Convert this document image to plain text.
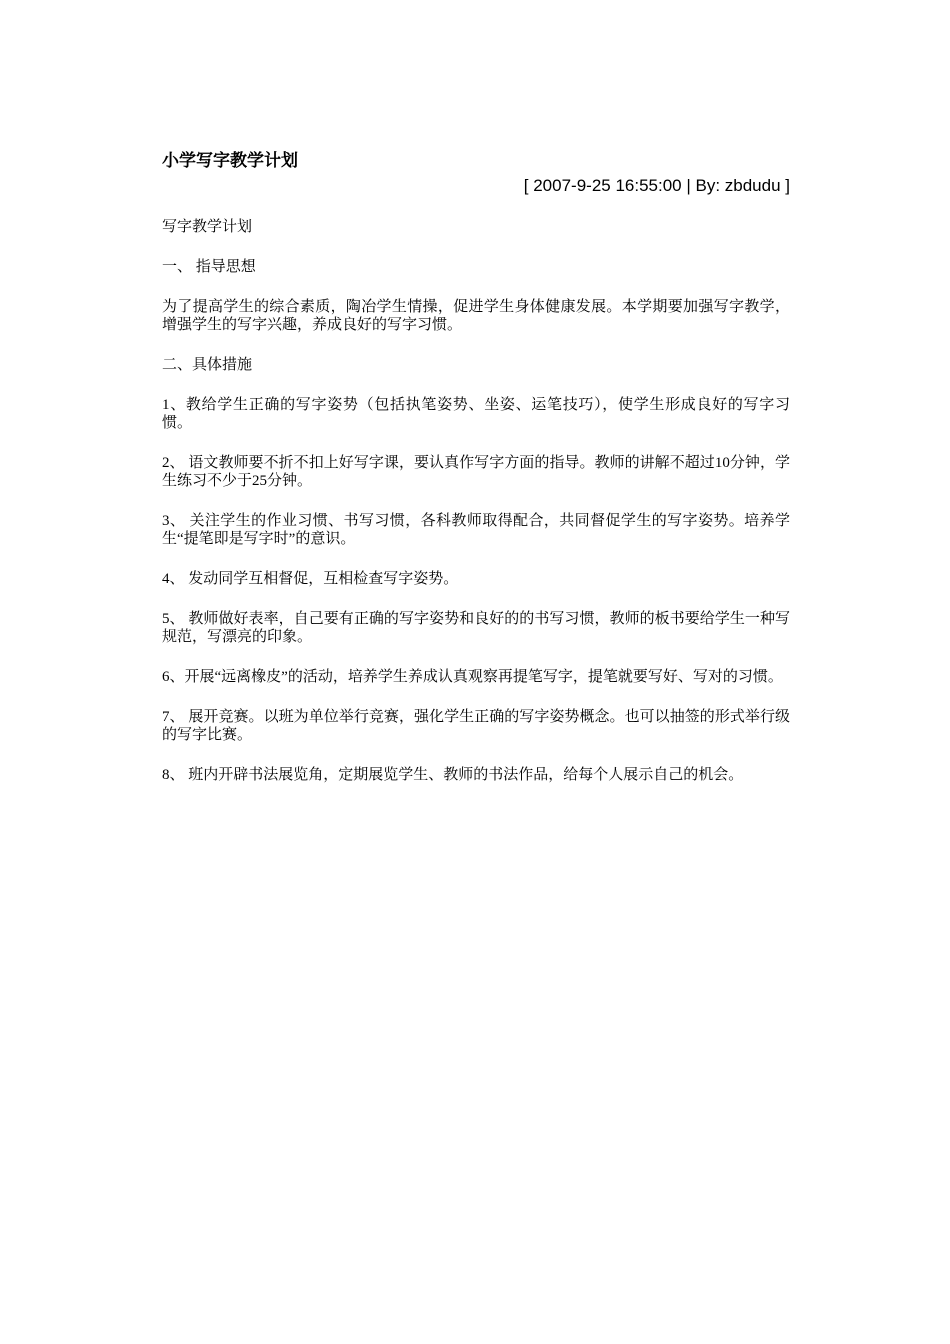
小学写字教学计划

[ 2007-9-25 16:55:00 | By: zbdudu ]

写字教学计划

一、 指导思想

为了提高学生的综合素质，陶冶学生情操，促进学生身体健康发展。本学期要加强写字教学，增强学生的写字兴趣，养成良好的写字习惯。

二、具体措施

1、教给学生正确的写字姿势（包括执笔姿势、坐姿、运笔技巧），使学生形成良好的写字习惯。

2、 语文教师要不折不扣上好写字课，要认真作写字方面的指导。教师的讲解不超过10分钟，学生练习不少于25分钟。

3、 关注学生的作业习惯、书写习惯，各科教师取得配合，共同督促学生的写字姿势。培养学生“提笔即是写字时”的意识。

4、 发动同学互相督促，互相检查写字姿势。

5、 教师做好表率，自己要有正确的写字姿势和良好的的书写习惯，教师的板书要给学生一种写规范，写漂亮的印象。

6、开展“远离橡皮”的活动，培养学生养成认真观察再提笔写字，提笔就要写好、写对的习惯。

7、 展开竞赛。以班为单位举行竞赛，强化学生正确的写字姿势概念。也可以抽签的形式举行级的写字比赛。

8、 班内开辟书法展览角，定期展览学生、教师的书法作品，给每个人展示自己的机会。
